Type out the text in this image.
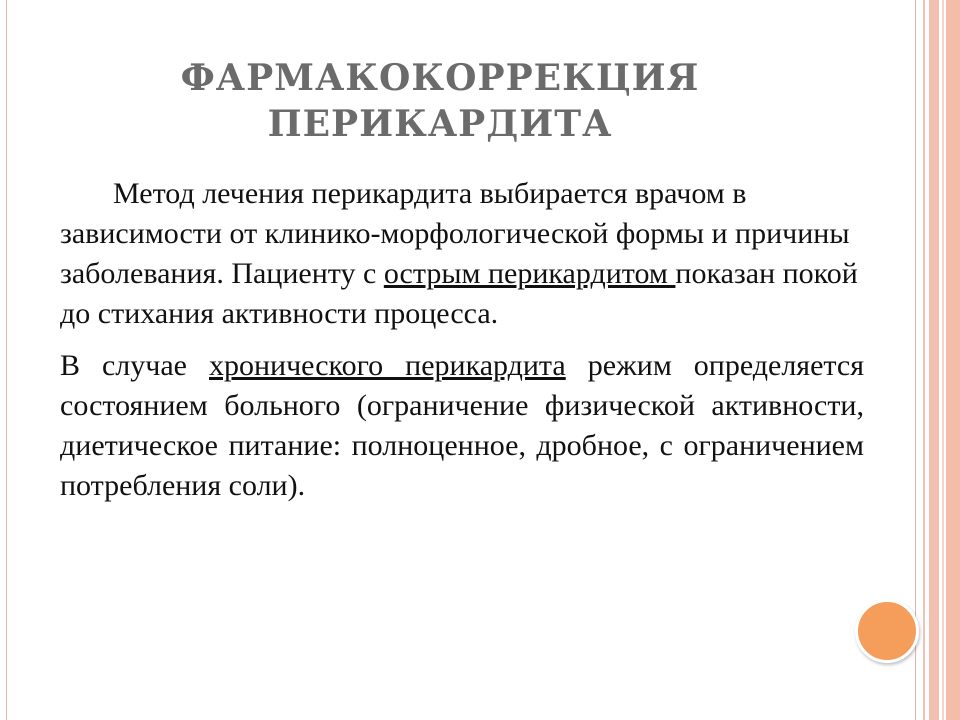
ФАРМАКОКОРРЕКЦИЯ
ПЕРИКАРДИТА

Метод лечения перикардита выбирается врачом в зависимости от клинико-морфологической формы и причины заболевания. Пациенту с острым перикардитом показан покой до стихания активности процесса.

В случае хронического перикардита режим определяется состоянием больного (ограничение физической активности, диетическое питание: полноценное, дробное, с ограничением потребления соли).
